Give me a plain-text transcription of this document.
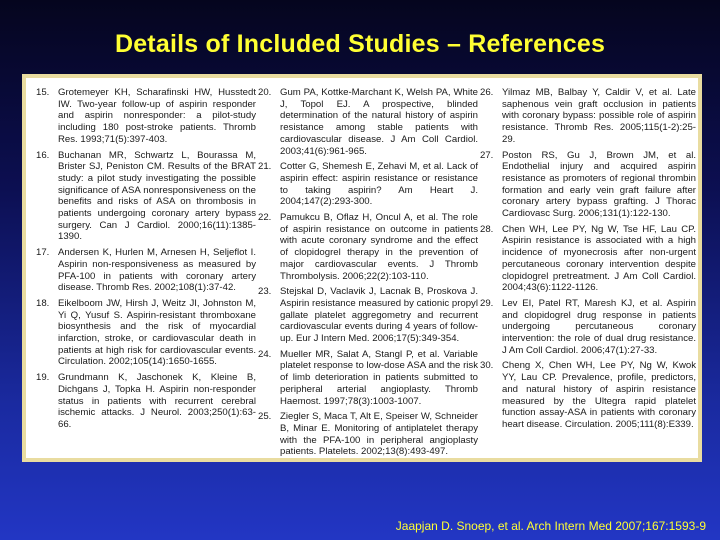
Details of Included Studies – References
15. Grotemeyer KH, Scharafinski HW, Husstedt IW. Two-year follow-up of aspirin responder and aspirin nonresponder: a pilot-study including 180 post-stroke patients. Thromb Res. 1993;71(5):397-403.
16. Buchanan MR, Schwartz L, Bourassa M, Brister SJ, Peniston CM. Results of the BRAT study: a pilot study investigating the possible significance of ASA nonresponsiveness on the benefits and risks of ASA on thrombosis in patients undergoing coronary artery bypass surgery. Can J Cardiol. 2000;16(11):1385-1390.
17. Andersen K, Hurlen M, Arnesen H, Seljeflot I. Aspirin non-responsiveness as measured by PFA-100 in patients with coronary artery disease. Thromb Res. 2002;108(1):37-42.
18. Eikelboom JW, Hirsh J, Weitz JI, Johnston M, Yi Q, Yusuf S. Aspirin-resistant thromboxane biosynthesis and the risk of myocardial infarction, stroke, or cardiovascular death in patients at high risk for cardiovascular events. Circulation. 2002;105(14):1650-1655.
19. Grundmann K, Jaschonek K, Kleine B, Dichgans J, Topka H. Aspirin non-responder status in patients with recurrent cerebral ischemic attacks. J Neurol. 2003;250(1):63-66.
20. Gum PA, Kottke-Marchant K, Welsh PA, White J, Topol EJ. A prospective, blinded determination of the natural history of aspirin resistance among stable patients with cardiovascular disease. J Am Coll Cardiol. 2003;41(6):961-965.
21. Cotter G, Shemesh E, Zehavi M, et al. Lack of aspirin effect: aspirin resistance or resistance to taking aspirin? Am Heart J. 2004;147(2):293-300.
22. Pamukcu B, Oflaz H, Oncul A, et al. The role of aspirin resistance on outcome in patients with acute coronary syndrome and the effect of clopidogrel therapy in the prevention of major cardiovascular events. J Thromb Thrombolysis. 2006;22(2):103-110.
23. Stejskal D, Vaclavik J, Lacnak B, Proskova J. Aspirin resistance measured by cationic propyl gallate platelet aggregometry and recurrent cardiovascular events during 4 years of follow-up. Eur J Intern Med. 2006;17(5):349-354.
24. Mueller MR, Salat A, Stangl P, et al. Variable platelet response to low-dose ASA and the risk of limb deterioration in patients submitted to peripheral arterial angioplasty. Thromb Haemost. 1997;78(3):1003-1007.
25. Ziegler S, Maca T, Alt E, Speiser W, Schneider B, Minar E. Monitoring of antiplatelet therapy with the PFA-100 in peripheral angioplasty patients. Platelets. 2002;13(8):493-497.
26. Yilmaz MB, Balbay Y, Caldir V, et al. Late saphenous vein graft occlusion in patients with coronary bypass: possible role of aspirin resistance. Thromb Res. 2005;115(1-2):25-29.
27. Poston RS, Gu J, Brown JM, et al. Endothelial injury and acquired aspirin resistance as promoters of regional thrombin formation and early vein graft failure after coronary artery bypass grafting. J Thorac Cardiovasc Surg. 2006;131(1):122-130.
28. Chen WH, Lee PY, Ng W, Tse HF, Lau CP. Aspirin resistance is associated with a high incidence of myonecrosis after non-urgent percutaneous coronary intervention despite clopidogrel pretreatment. J Am Coll Cardiol. 2004;43(6):1122-1126.
29. Lev EI, Patel RT, Maresh KJ, et al. Aspirin and clopidogrel drug response in patients undergoing percutaneous coronary intervention: the role of dual drug resistance. J Am Coll Cardiol. 2006;47(1):27-33.
30. Cheng X, Chen WH, Lee PY, Ng W, Kwok YY, Lau CP. Prevalence, profile, predictors, and natural history of aspirin resistance measured by the Ultegra rapid platelet function assay-ASA in patients with coronary heart disease. Circulation. 2005;111(8):E339.
Jaapjan D. Snoep, et al. Arch Intern Med 2007;167:1593-9
